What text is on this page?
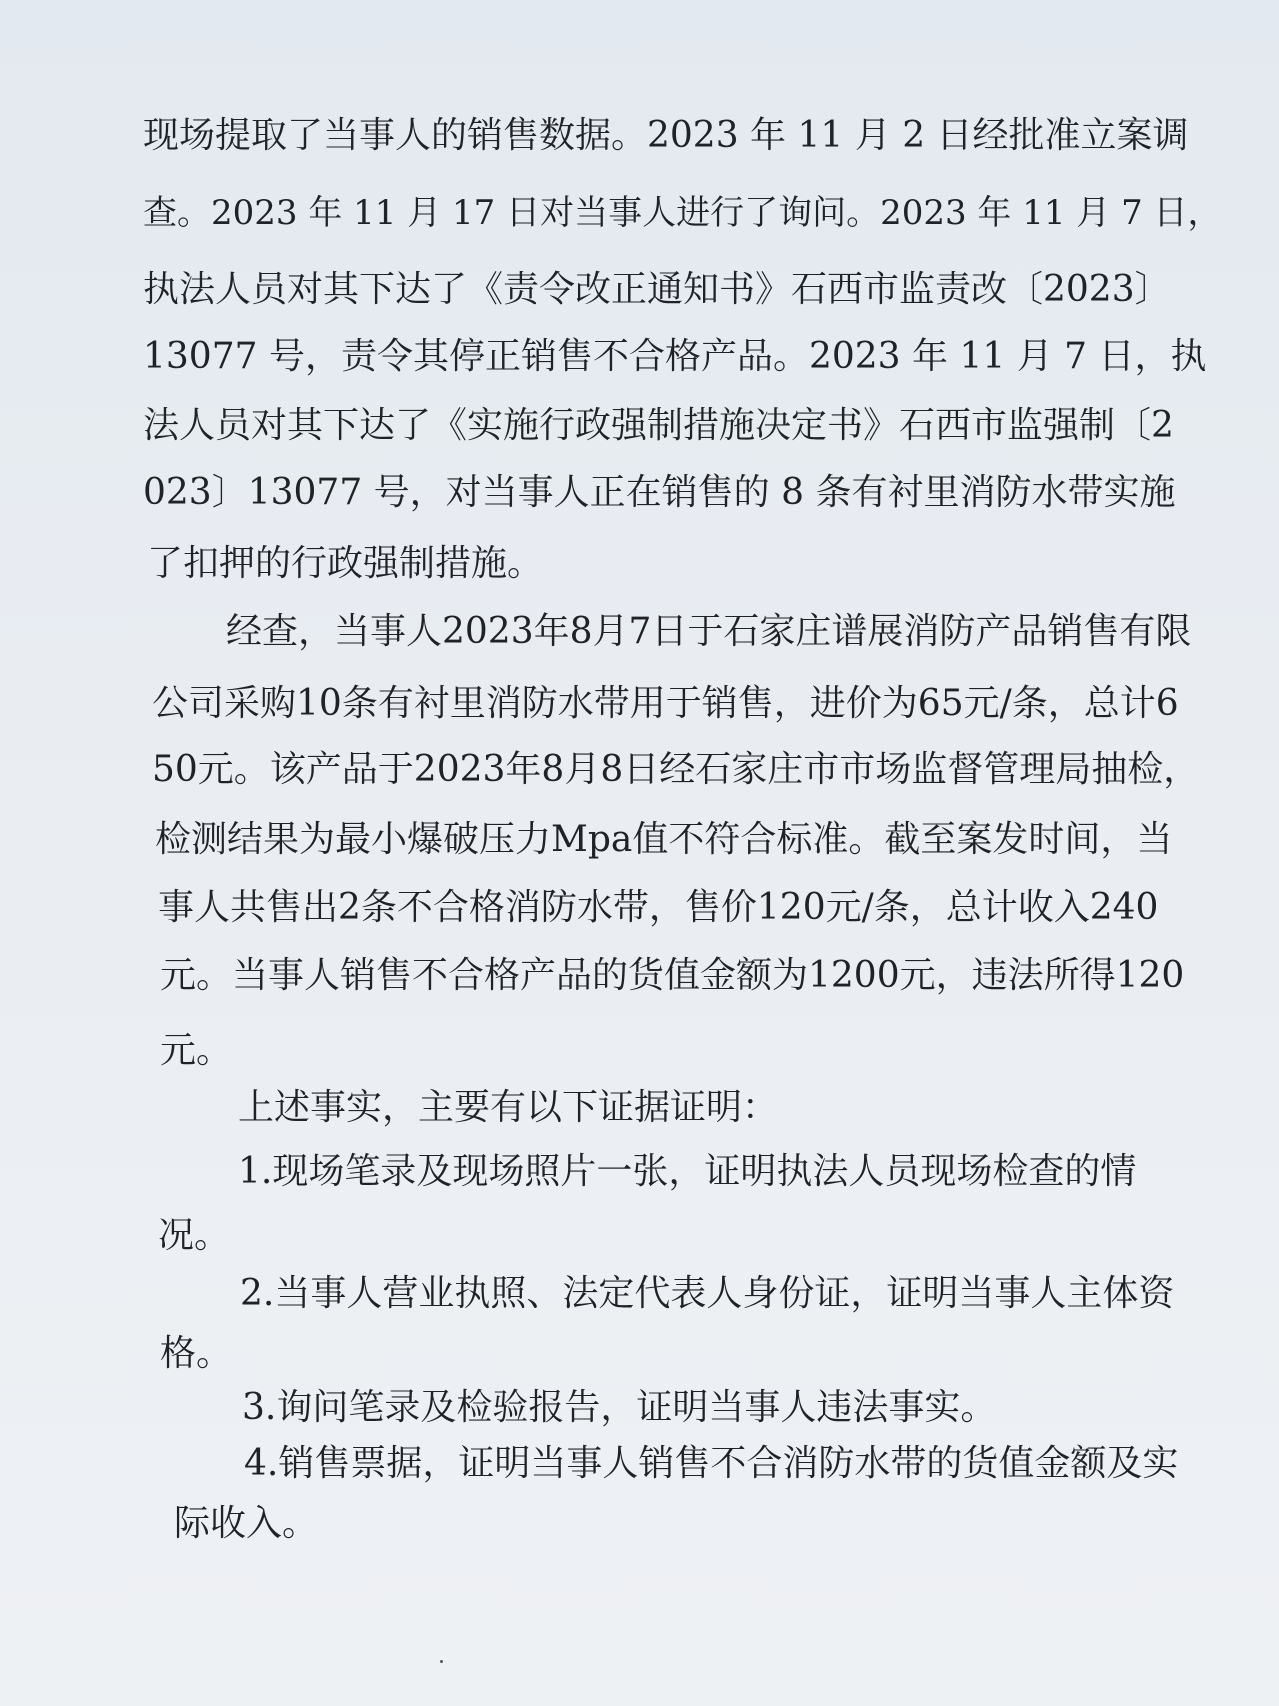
现场提取了当事人的销售数据。2023 年 11 月 2 日经批准立案调
查。2023 年 11 月 17 日对当事人进行了询问。2023 年 11 月 7 日，
执法人员对其下达了《责令改正通知书》石西市监责改〔2023〕
13077 号，责令其停正销售不合格产品。2023 年 11 月 7 日，执
法人员对其下达了《实施行政强制措施决定书》石西市监强制〔2
023〕13077 号，对当事人正在销售的 8 条有衬里消防水带实施
了扣押的行政强制措施。
经查，当事人2023年8月7日于石家庄谱展消防产品销售有限
公司采购10条有衬里消防水带用于销售，进价为65元/条，总计6
50元。该产品于2023年8月8日经石家庄市市场监督管理局抽检，
检测结果为最小爆破压力Mpa值不符合标准。截至案发时间，当
事人共售出2条不合格消防水带，售价120元/条，总计收入240
元。当事人销售不合格产品的货值金额为1200元，违法所得120
元。
上述事实，主要有以下证据证明：
1.现场笔录及现场照片一张，证明执法人员现场检查的情
况。
2.当事人营业执照、法定代表人身份证，证明当事人主体资
格。
3.询问笔录及检验报告，证明当事人违法事实。
4.销售票据，证明当事人销售不合消防水带的货值金额及实
际收入。
